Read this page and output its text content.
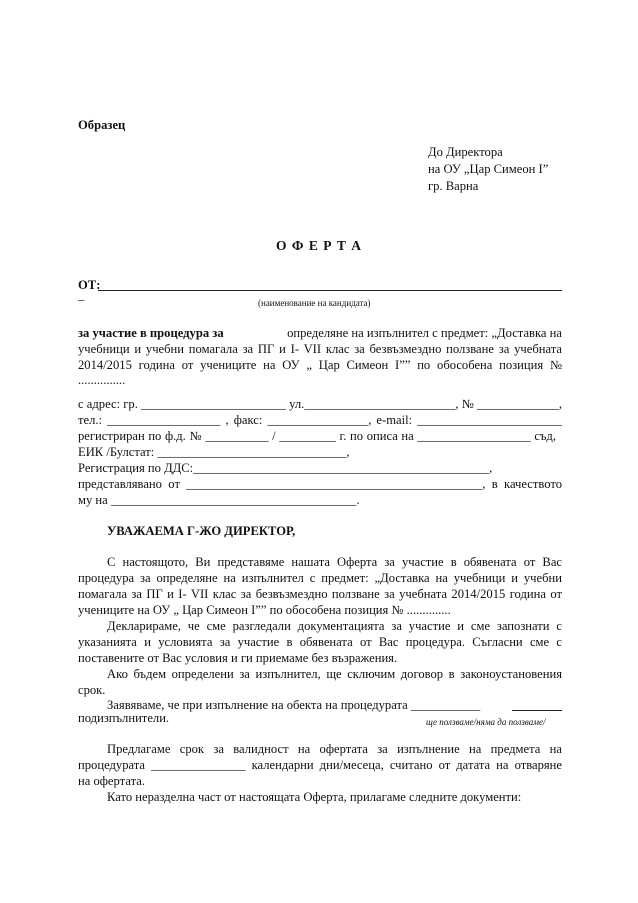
Образец
До Директора
на ОУ „Цар Симеон I”
гр. Варна
О Ф Е Р Т А
ОТ:
_
(наименование на кандидата)
за участие в процедура за	определяне на изпълнител с предмет: „Доставка на
учебници и учебни помагала за ПГ и I- VII клас за безвъзмездно ползване за учебната
2014/2015 година от учениците на ОУ „ Цар Симеон I”” по обособена позиция №
...............
с адрес: гр. _______________________ ул.________________________, № _____________,
тел.: __________________ , факс: ________________, e-mail: _______________________
регистриран по ф.д. № __________ / _________ г. по описа на __________________ съд,
ЕИК /Булстат: ______________________________,
Регистрация по ДДС:_______________________________________________,
представлявано от _______________________________________________, в качеството
му на _______________________________________.
УВАЖАЕМА Г-ЖО ДИРЕКТОР,
С настоящото, Ви представяме нашата Оферта за участие в обявената от Вас
процедура за определяне на изпълнител с предмет: „Доставка на учебници и учебни
помагала за ПГ и I- VII клас за безвъзмездно ползване за учебната 2014/2015 година от
учениците на ОУ „ Цар Симеон I”” по обособена позиция № ..............
Декларираме, че сме разгледали документацията за участие и сме запознати с
указанията и условията за участие в обявената от Вас процедура. Съгласни сме с
поставените от Вас условия и ги приемаме без възражения.
Ако бъдем определени за изпълнител, ще сключим договор в законоустановения
срок.
Заявяваме, че при изпълнение на обекта на процедурата ___________
подизпълнители.	ще ползваме/няма да ползваме/
Предлагаме срок за валидност на офертата за изпълнение на предмета на
процедурата _______________ календарни дни/месеца, считано от датата на отваряне
на офертата.
Като неразделна част от настоящата Оферта, прилагаме следните документи:
